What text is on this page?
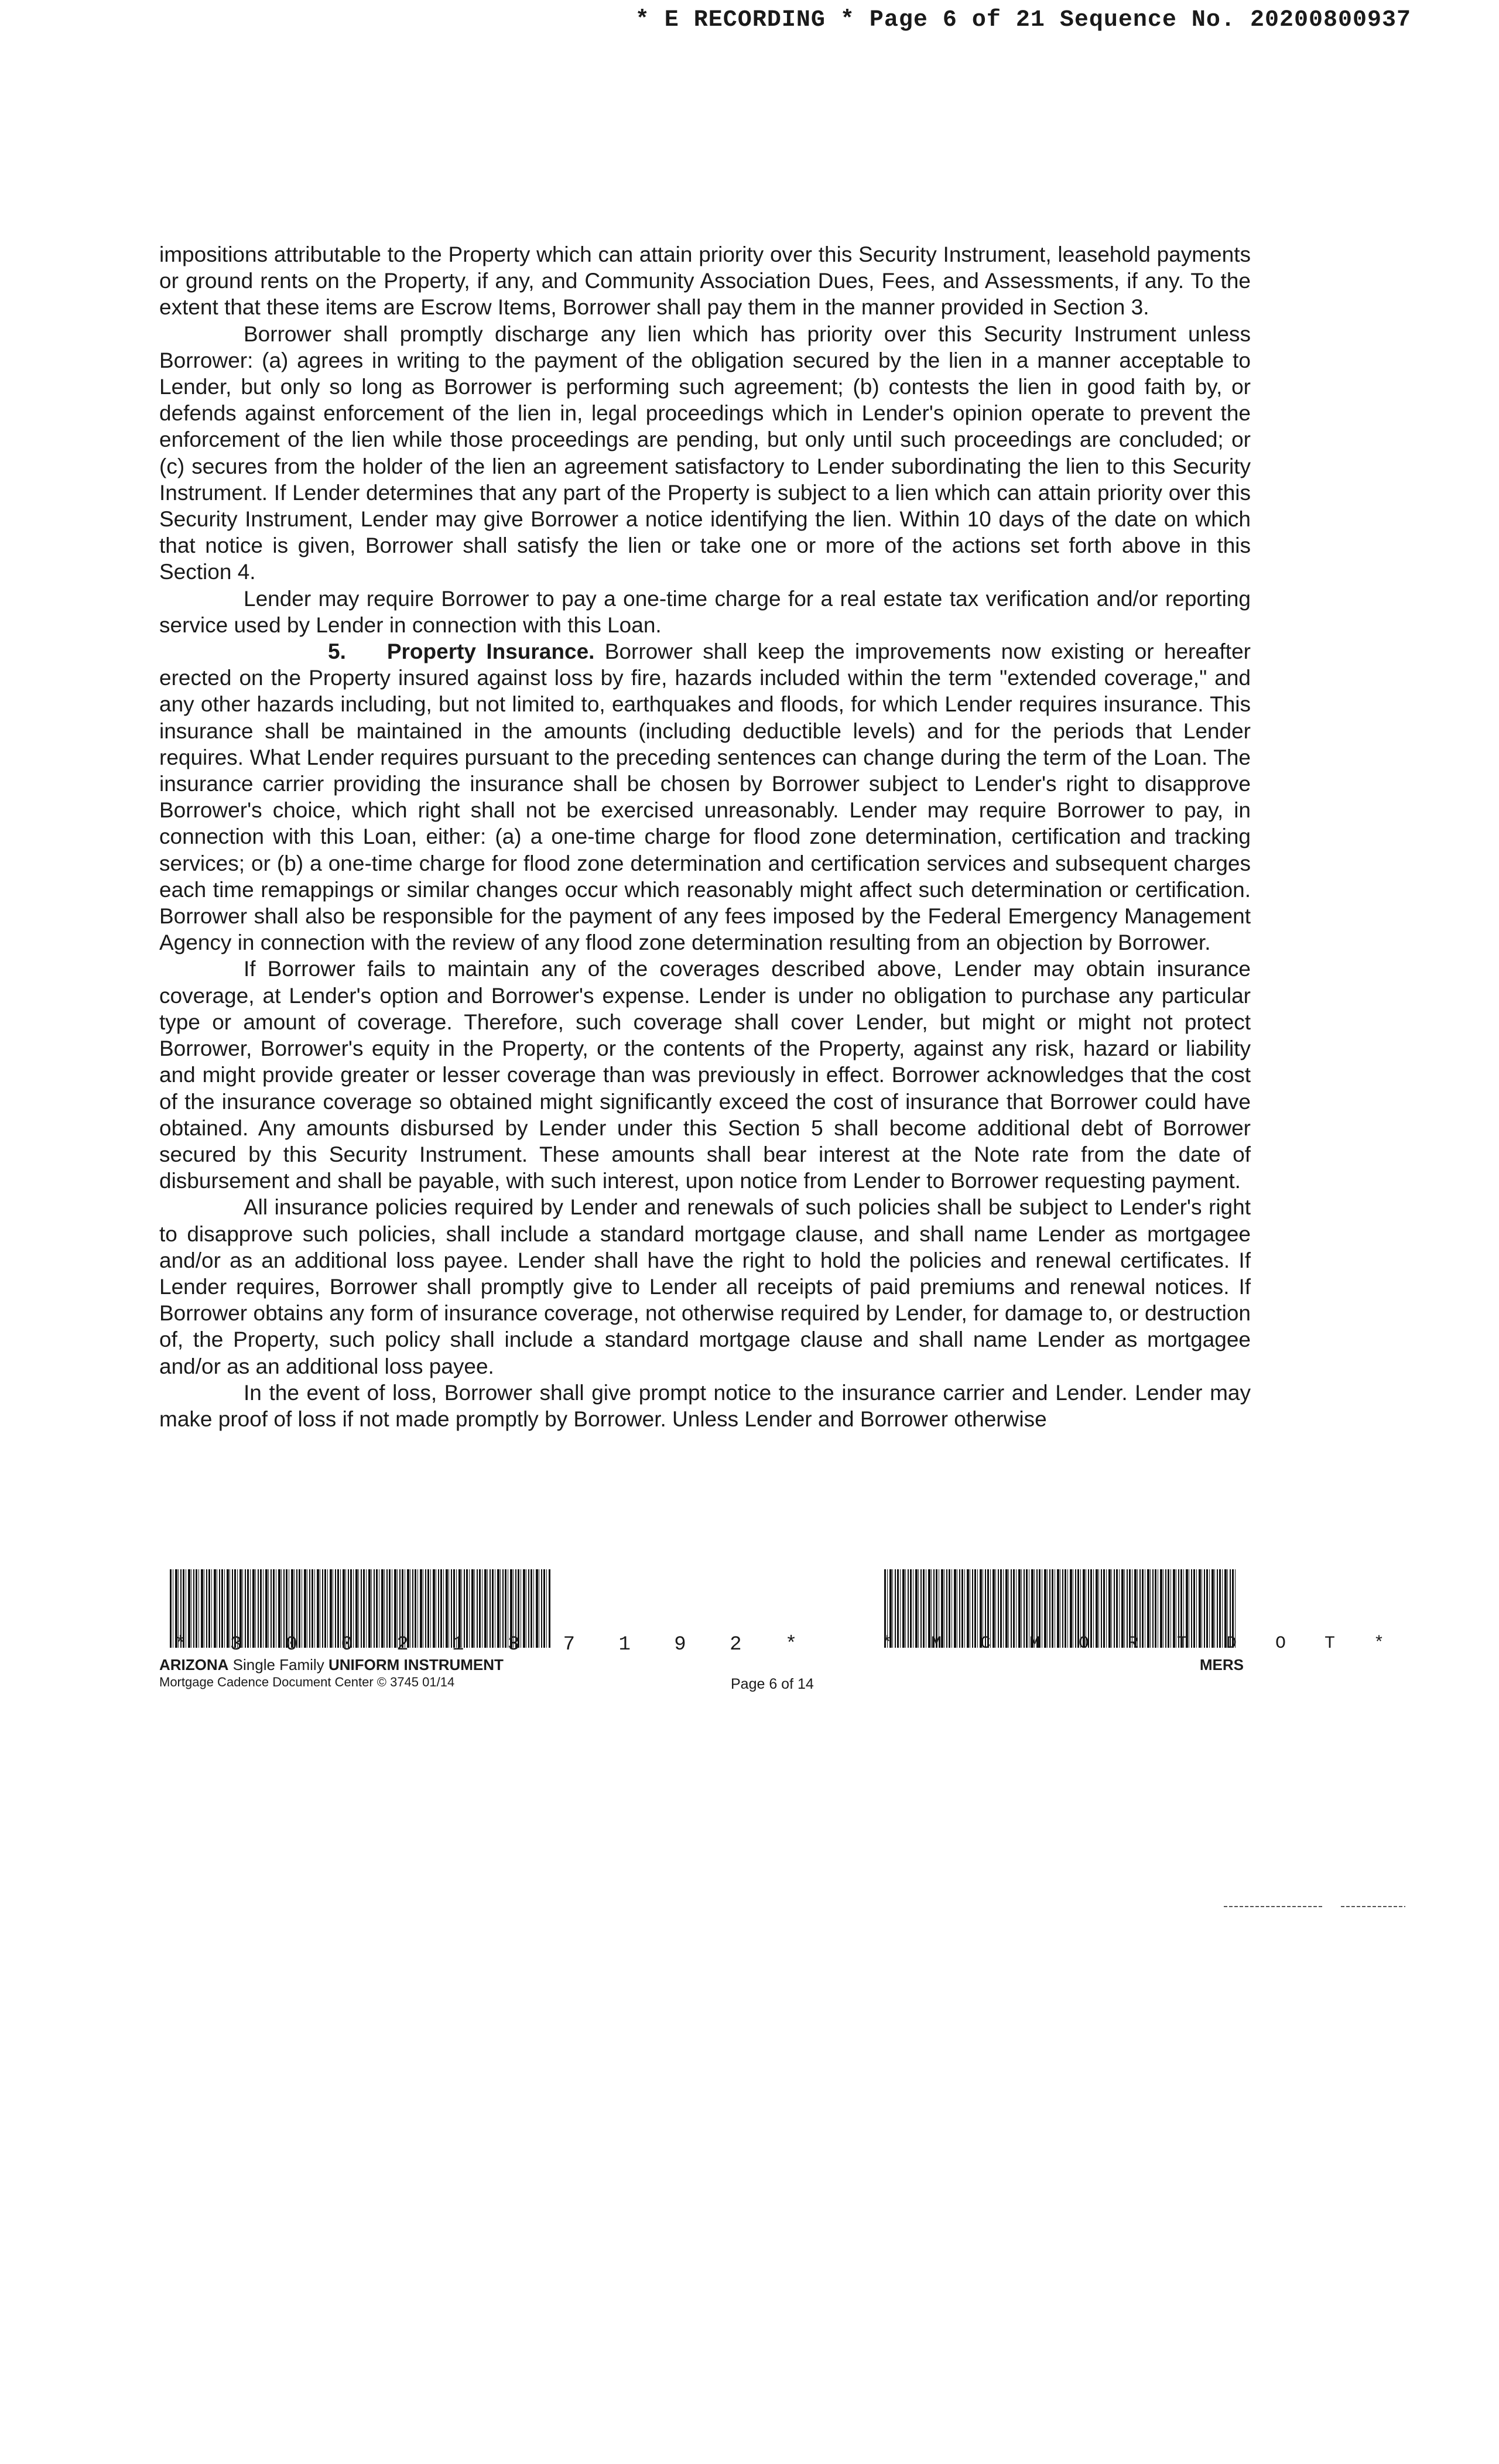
* E RECORDING * Page 6 of 21 Sequence No. 20200800937

impositions attributable to the Property which can attain priority over this Security Instrument, leasehold payments or ground rents on the Property, if any, and Community Association Dues, Fees, and Assessments, if any. To the extent that these items are Escrow Items, Borrower shall pay them in the manner provided in Section 3.

Borrower shall promptly discharge any lien which has priority over this Security Instrument unless Borrower: (a) agrees in writing to the payment of the obligation secured by the lien in a manner acceptable to Lender, but only so long as Borrower is performing such agreement; (b) contests the lien in good faith by, or defends against enforcement of the lien in, legal proceedings which in Lender's opinion operate to prevent the enforcement of the lien while those proceedings are pending, but only until such proceedings are concluded; or (c) secures from the holder of the lien an agreement satisfactory to Lender subordinating the lien to this Security Instrument. If Lender determines that any part of the Property is subject to a lien which can attain priority over this Security Instrument, Lender may give Borrower a notice identifying the lien. Within 10 days of the date on which that notice is given, Borrower shall satisfy the lien or take one or more of the actions set forth above in this Section 4.

Lender may require Borrower to pay a one-time charge for a real estate tax verification and/or reporting service used by Lender in connection with this Loan.

5. Property Insurance. Borrower shall keep the improvements now existing or hereafter erected on the Property insured against loss by fire, hazards included within the term "extended coverage," and any other hazards including, but not limited to, earthquakes and floods, for which Lender requires insurance. This insurance shall be maintained in the amounts (including deductible levels) and for the periods that Lender requires. What Lender requires pursuant to the preceding sentences can change during the term of the Loan. The insurance carrier providing the insurance shall be chosen by Borrower subject to Lender's right to disapprove Borrower's choice, which right shall not be exercised unreasonably. Lender may require Borrower to pay, in connection with this Loan, either: (a) a one-time charge for flood zone determination, certification and tracking services; or (b) a one-time charge for flood zone determination and certification services and subsequent charges each time remappings or similar changes occur which reasonably might affect such determination or certification. Borrower shall also be responsible for the payment of any fees imposed by the Federal Emergency Management Agency in connection with the review of any flood zone determination resulting from an objection by Borrower.

If Borrower fails to maintain any of the coverages described above, Lender may obtain insurance coverage, at Lender's option and Borrower's expense. Lender is under no obligation to purchase any particular type or amount of coverage. Therefore, such coverage shall cover Lender, but might or might not protect Borrower, Borrower's equity in the Property, or the contents of the Property, against any risk, hazard or liability and might provide greater or lesser coverage than was previously in effect. Borrower acknowledges that the cost of the insurance coverage so obtained might significantly exceed the cost of insurance that Borrower could have obtained. Any amounts disbursed by Lender under this Section 5 shall become additional debt of Borrower secured by this Security Instrument. These amounts shall bear interest at the Note rate from the date of disbursement and shall be payable, with such interest, upon notice from Lender to Borrower requesting payment.

All insurance policies required by Lender and renewals of such policies shall be subject to Lender's right to disapprove such policies, shall include a standard mortgage clause, and shall name Lender as mortgagee and/or as an additional loss payee. Lender shall have the right to hold the policies and renewal certificates. If Lender requires, Borrower shall promptly give to Lender all receipts of paid premiums and renewal notices. If Borrower obtains any form of insurance coverage, not otherwise required by Lender, for damage to, or destruction of, the Property, such policy shall include a standard mortgage clause and shall name Lender as mortgagee and/or as an additional loss payee.

In the event of loss, Borrower shall give prompt notice to the insurance carrier and Lender. Lender may make proof of loss if not made promptly by Borrower. Unless Lender and Borrower otherwise

* 3 0 0 2 1 3 7 1 9 2 *	* M C M O R T D O T *
ARIZONA Single Family UNIFORM INSTRUMENT
Mortgage Cadence Document Center © 3745 01/14	Page 6 of 14
MERS
